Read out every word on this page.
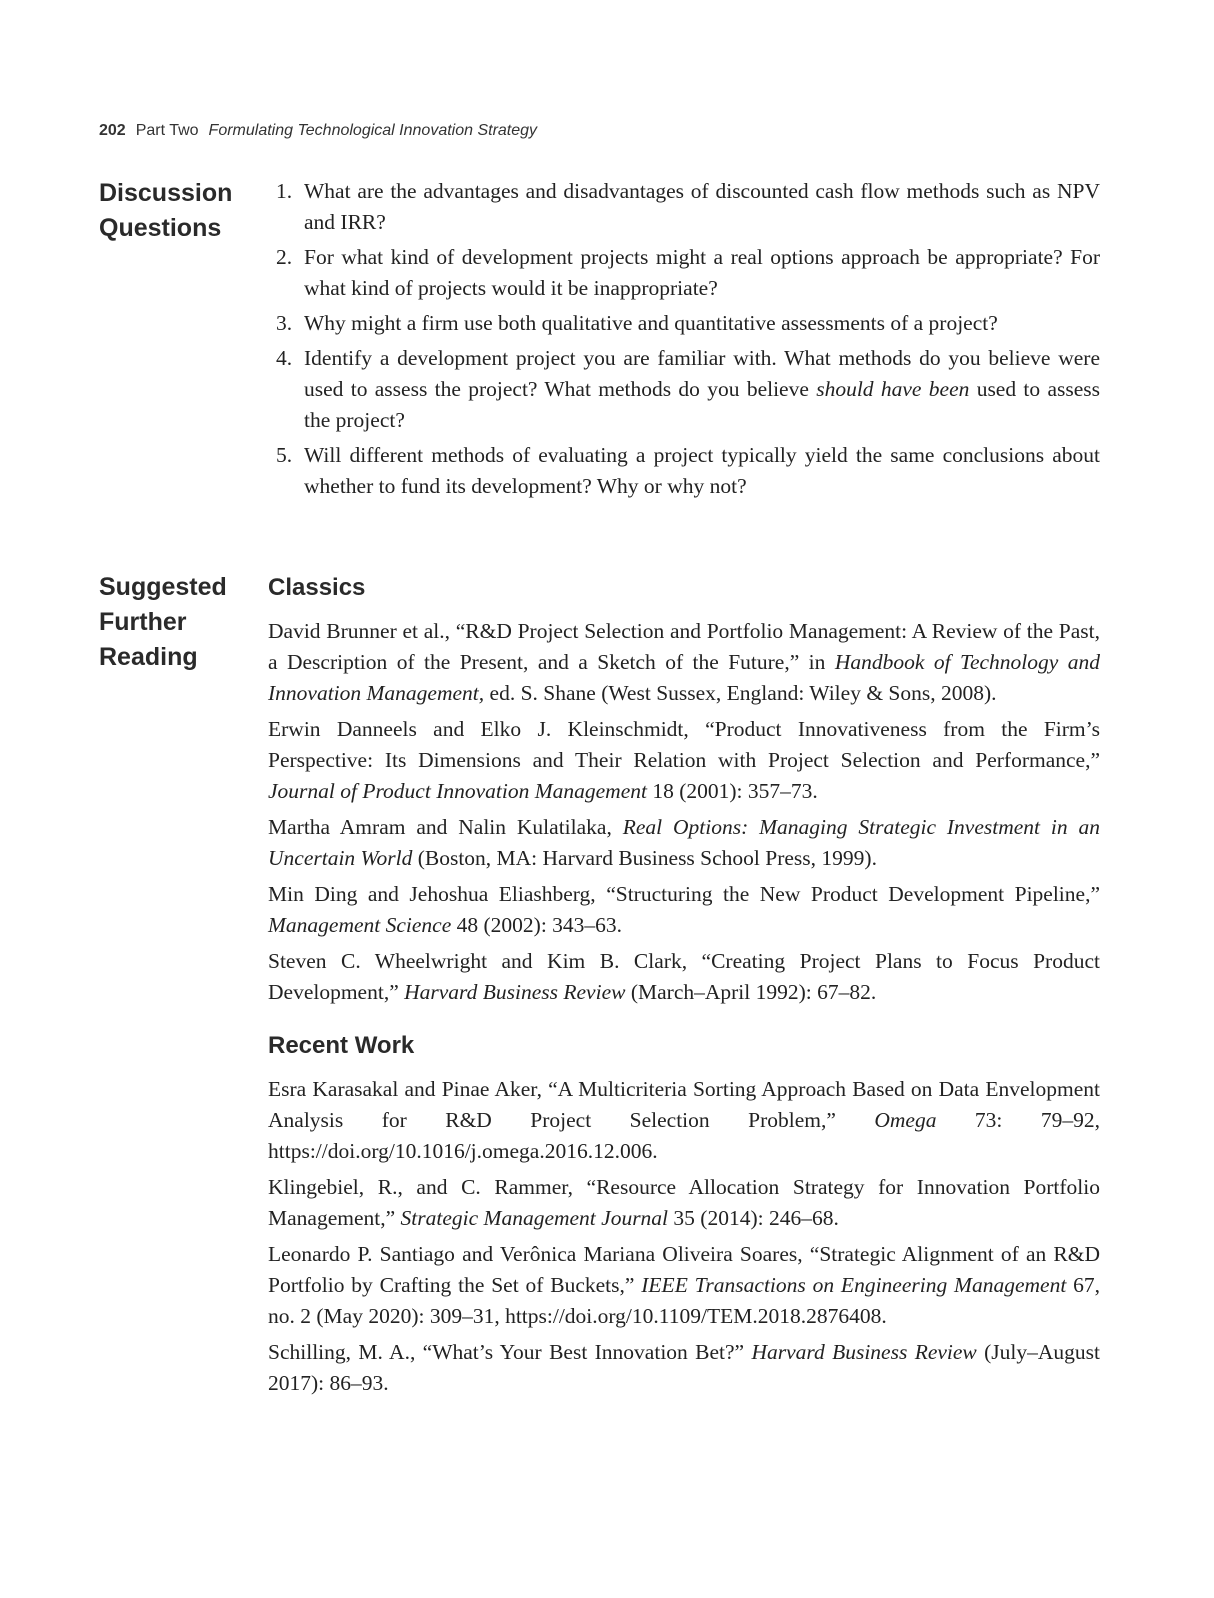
202 Part Two Formulating Technological Innovation Strategy
Discussion
Questions
1. What are the advantages and disadvantages of discounted cash flow methods such as NPV and IRR?
2. For what kind of development projects might a real options approach be appropriate? For what kind of projects would it be inappropriate?
3. Why might a firm use both qualitative and quantitative assessments of a project?
4. Identify a development project you are familiar with. What methods do you believe were used to assess the project? What methods do you believe should have been used to assess the project?
5. Will different methods of evaluating a project typically yield the same conclusions about whether to fund its development? Why or why not?
Suggested
Further
Reading
Classics

David Brunner et al., “R&D Project Selection and Portfolio Management: A Review of the Past, a Description of the Present, and a Sketch of the Future,” in Handbook of Technology and Innovation Management, ed. S. Shane (West Sussex, England: Wiley & Sons, 2008).

Erwin Danneels and Elko J. Kleinschmidt, “Product Innovativeness from the Firm’s Perspective: Its Dimensions and Their Relation with Project Selection and Performance,” Journal of Product Innovation Management 18 (2001): 357–73.

Martha Amram and Nalin Kulatilaka, Real Options: Managing Strategic Investment in an Uncertain World (Boston, MA: Harvard Business School Press, 1999).

Min Ding and Jehoshua Eliashberg, “Structuring the New Product Development Pipeline,” Management Science 48 (2002): 343–63.

Steven C. Wheelwright and Kim B. Clark, “Creating Project Plans to Focus Product Development,” Harvard Business Review (March–April 1992): 67–82.

Recent Work

Esra Karasakal and Pinae Aker, “A Multicriteria Sorting Approach Based on Data Envelopment Analysis for R&D Project Selection Problem,” Omega 73: 79–92, https://doi.org/10.1016/j.omega.2016.12.006.

Klingebiel, R., and C. Rammer, “Resource Allocation Strategy for Innovation Portfolio Management,” Strategic Management Journal 35 (2014): 246–68.

Leonardo P. Santiago and Verônica Mariana Oliveira Soares, “Strategic Alignment of an R&D Portfolio by Crafting the Set of Buckets,” IEEE Transactions on Engineering Management 67, no. 2 (May 2020): 309–31, https://doi.org/10.1109/TEM.2018.2876408.

Schilling, M. A., “What’s Your Best Innovation Bet?” Harvard Business Review (July–August 2017): 86–93.
